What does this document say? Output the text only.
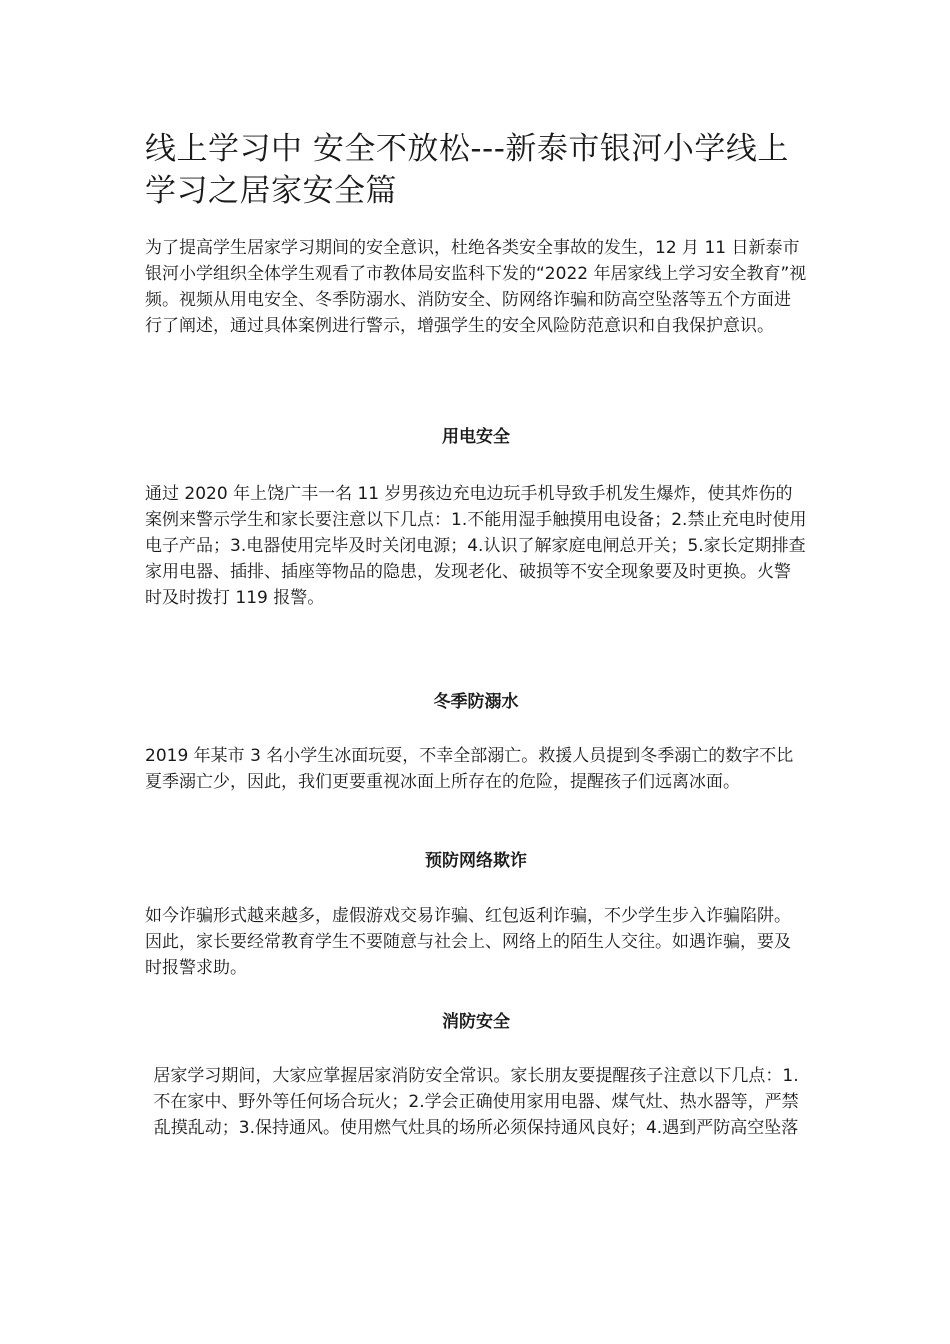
线上学习中 安全不放松---新泰市银河小学线上学习之居家安全篇

为了提高学生居家学习期间的安全意识，杜绝各类安全事故的发生，12 月 11 日新泰市银河小学组织全体学生观看了市教体局安监科下发的“2022 年居家线上学习安全教育”视频。视频从用电安全、冬季防溺水、消防安全、防网络诈骗和防高空坠落等五个方面进行了阐述，通过具体案例进行警示，增强学生的安全风险防范意识和自我保护意识。

用电安全

通过 2020 年上饶广丰一名 11 岁男孩边充电边玩手机导致手机发生爆炸，使其炸伤的案例来警示学生和家长要注意以下几点：1.不能用湿手触摸用电设备；2.禁止充电时使用电子产品；3.电器使用完毕及时关闭电源；4.认识了解家庭电闸总开关；5.家长定期排查家用电器、插排、插座等物品的隐患，发现老化、破损等不安全现象要及时更换。火警时及时拨打 119 报警。

冬季防溺水

2019 年某市 3 名小学生冰面玩耍，不幸全部溺亡。救援人员提到冬季溺亡的数字不比夏季溺亡少，因此，我们更要重视冰面上所存在的危险，提醒孩子们远离冰面。

预防网络欺诈

如今诈骗形式越来越多，虚假游戏交易诈骗、红包返利诈骗，不少学生步入诈骗陷阱。因此，家长要经常教育学生不要随意与社会上、网络上的陌生人交往。如遇诈骗，要及时报警求助。

消防安全

居家学习期间，大家应掌握居家消防安全常识。家长朋友要提醒孩子注意以下几点：1.不在家中、野外等任何场合玩火；2.学会正确使用家用电器、煤气灶、热水器等，严禁乱摸乱动；3.保持通风。使用燃气灶具的场所必须保持通风良好；4.遇到严防高空坠落
